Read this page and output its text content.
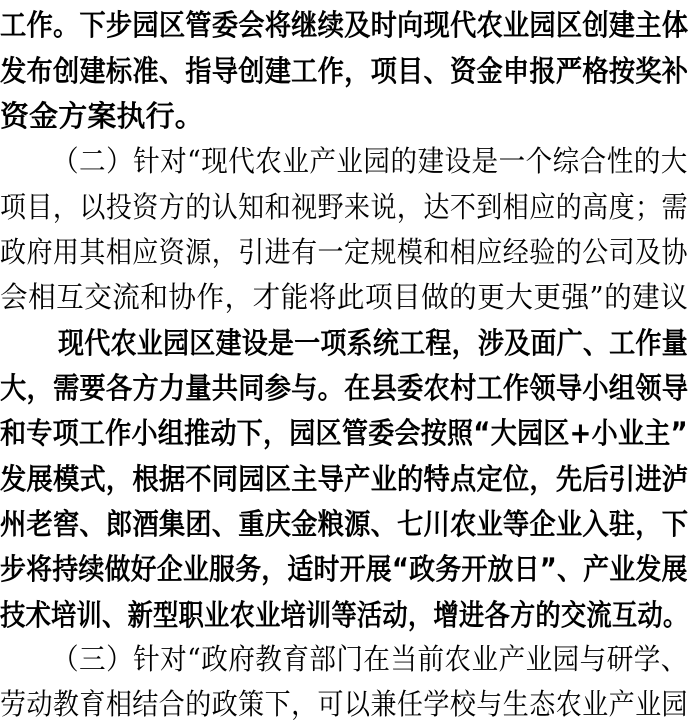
工作。下步园区管委会将继续及时向现代农业园区创建主体
发布创建标准、指导创建工作，项目、资金申报严格按奖补
资金方案执行。
（二）针对“现代农业产业园的建设是一个综合性的大
项目，以投资方的认知和视野来说，达不到相应的高度；需
政府用其相应资源，引进有一定规模和相应经验的公司及协
会相互交流和协作，才能将此项目做的更大更强”的建议
现代农业园区建设是一项系统工程，涉及面广、工作量
大，需要各方力量共同参与。在县委农村工作领导小组领导
和专项工作小组推动下，园区管委会按照“大园区+小业主”
发展模式，根据不同园区主导产业的特点定位，先后引进泸
州老窖、郎酒集团、重庆金粮源、七川农业等企业入驻，下
步将持续做好企业服务，适时开展“政务开放日”、产业发展
技术培训、新型职业农业培训等活动，增进各方的交流互动。
（三）针对“政府教育部门在当前农业产业园与研学、
劳动教育相结合的政策下，可以兼任学校与生态农业产业园
